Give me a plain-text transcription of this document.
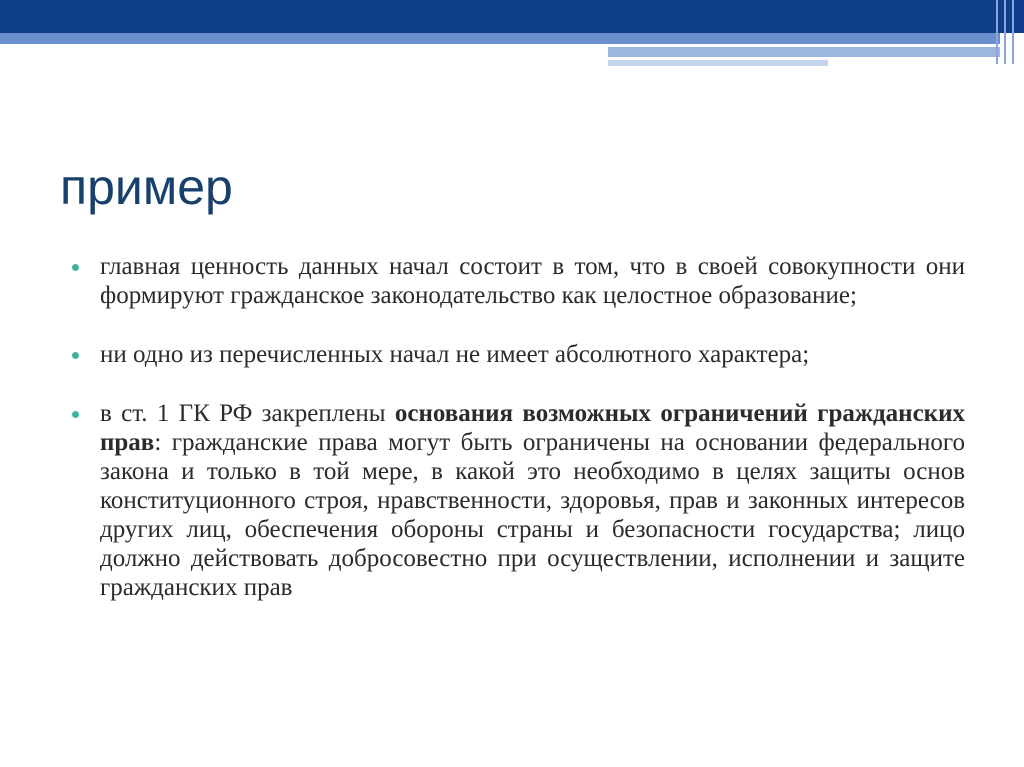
пример

главная ценность данных начал состоит в том, что в своей совокупности они формируют гражданское законодательство как целостное образование;

ни одно из перечисленных начал не имеет абсолютного характера;

в ст. 1 ГК РФ закреплены основания возможных ограничений гражданских прав: гражданские права могут быть ограничены на основании федерального закона и только в той мере, в какой это необходимо в целях защиты основ конституционного строя, нравственности, здоровья, прав и законных интересов других лиц, обеспечения обороны страны и безопасности государства; лицо должно действовать добросовестно при осуществлении, исполнении и защите гражданских прав
